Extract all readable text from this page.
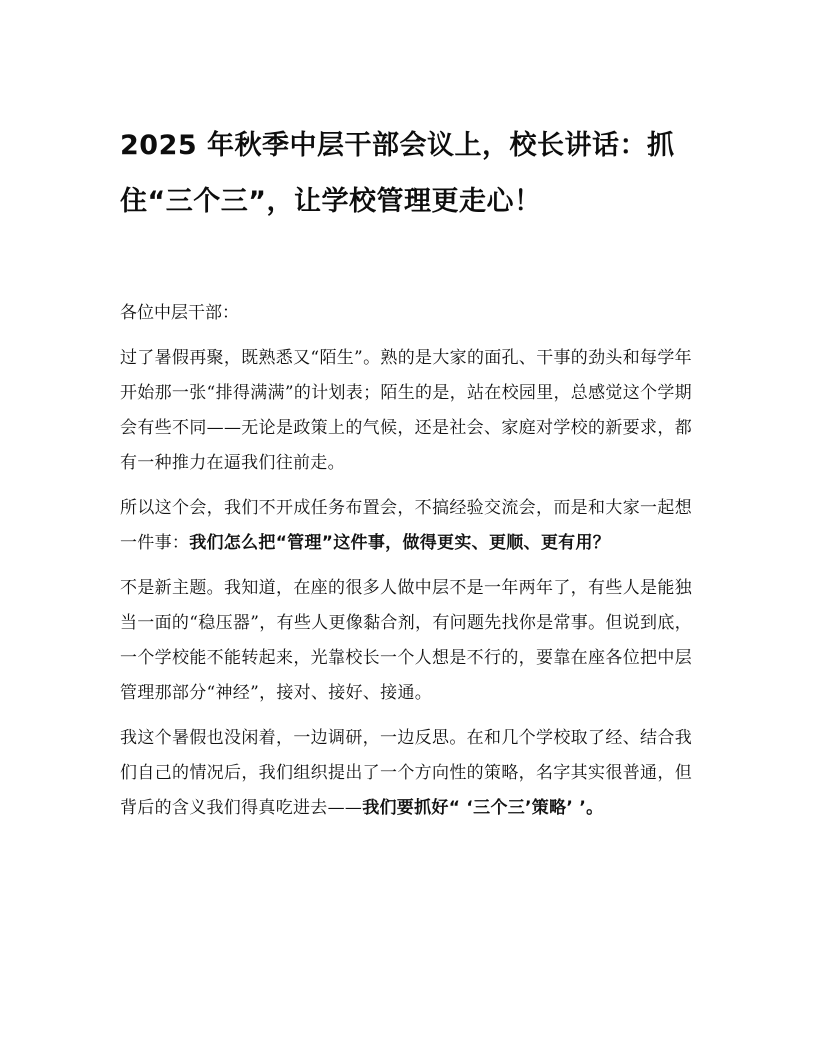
2025 年秋季中层干部会议上，校长讲话：抓住“三个三”，让学校管理更走心！

各位中层干部：

过了暑假再聚，既熟悉又“陌生”。熟的是大家的面孔、干事的劲头和每学年开始那一张“排得满满”的计划表；陌生的是，站在校园里，总感觉这个学期会有些不同——无论是政策上的气候，还是社会、家庭对学校的新要求，都有一种推力在逼我们往前走。

所以这个会，我们不开成任务布置会，不搞经验交流会，而是和大家一起想一件事：我们怎么把“管理”这件事，做得更实、更顺、更有用？

不是新主题。我知道，在座的很多人做中层不是一年两年了，有些人是能独当一面的“稳压器”，有些人更像黏合剂，有问题先找你是常事。但说到底，一个学校能不能转起来，光靠校长一个人想是不行的，要靠在座各位把中层管理那部分“神经”，接对、接好、接通。

我这个暑假也没闲着，一边调研，一边反思。在和几个学校取了经、结合我们自己的情况后，我们组织提出了一个方向性的策略，名字其实很普通，但背后的含义我们得真吃进去——我们要抓好“ ‘三个三’策略’ ’。
